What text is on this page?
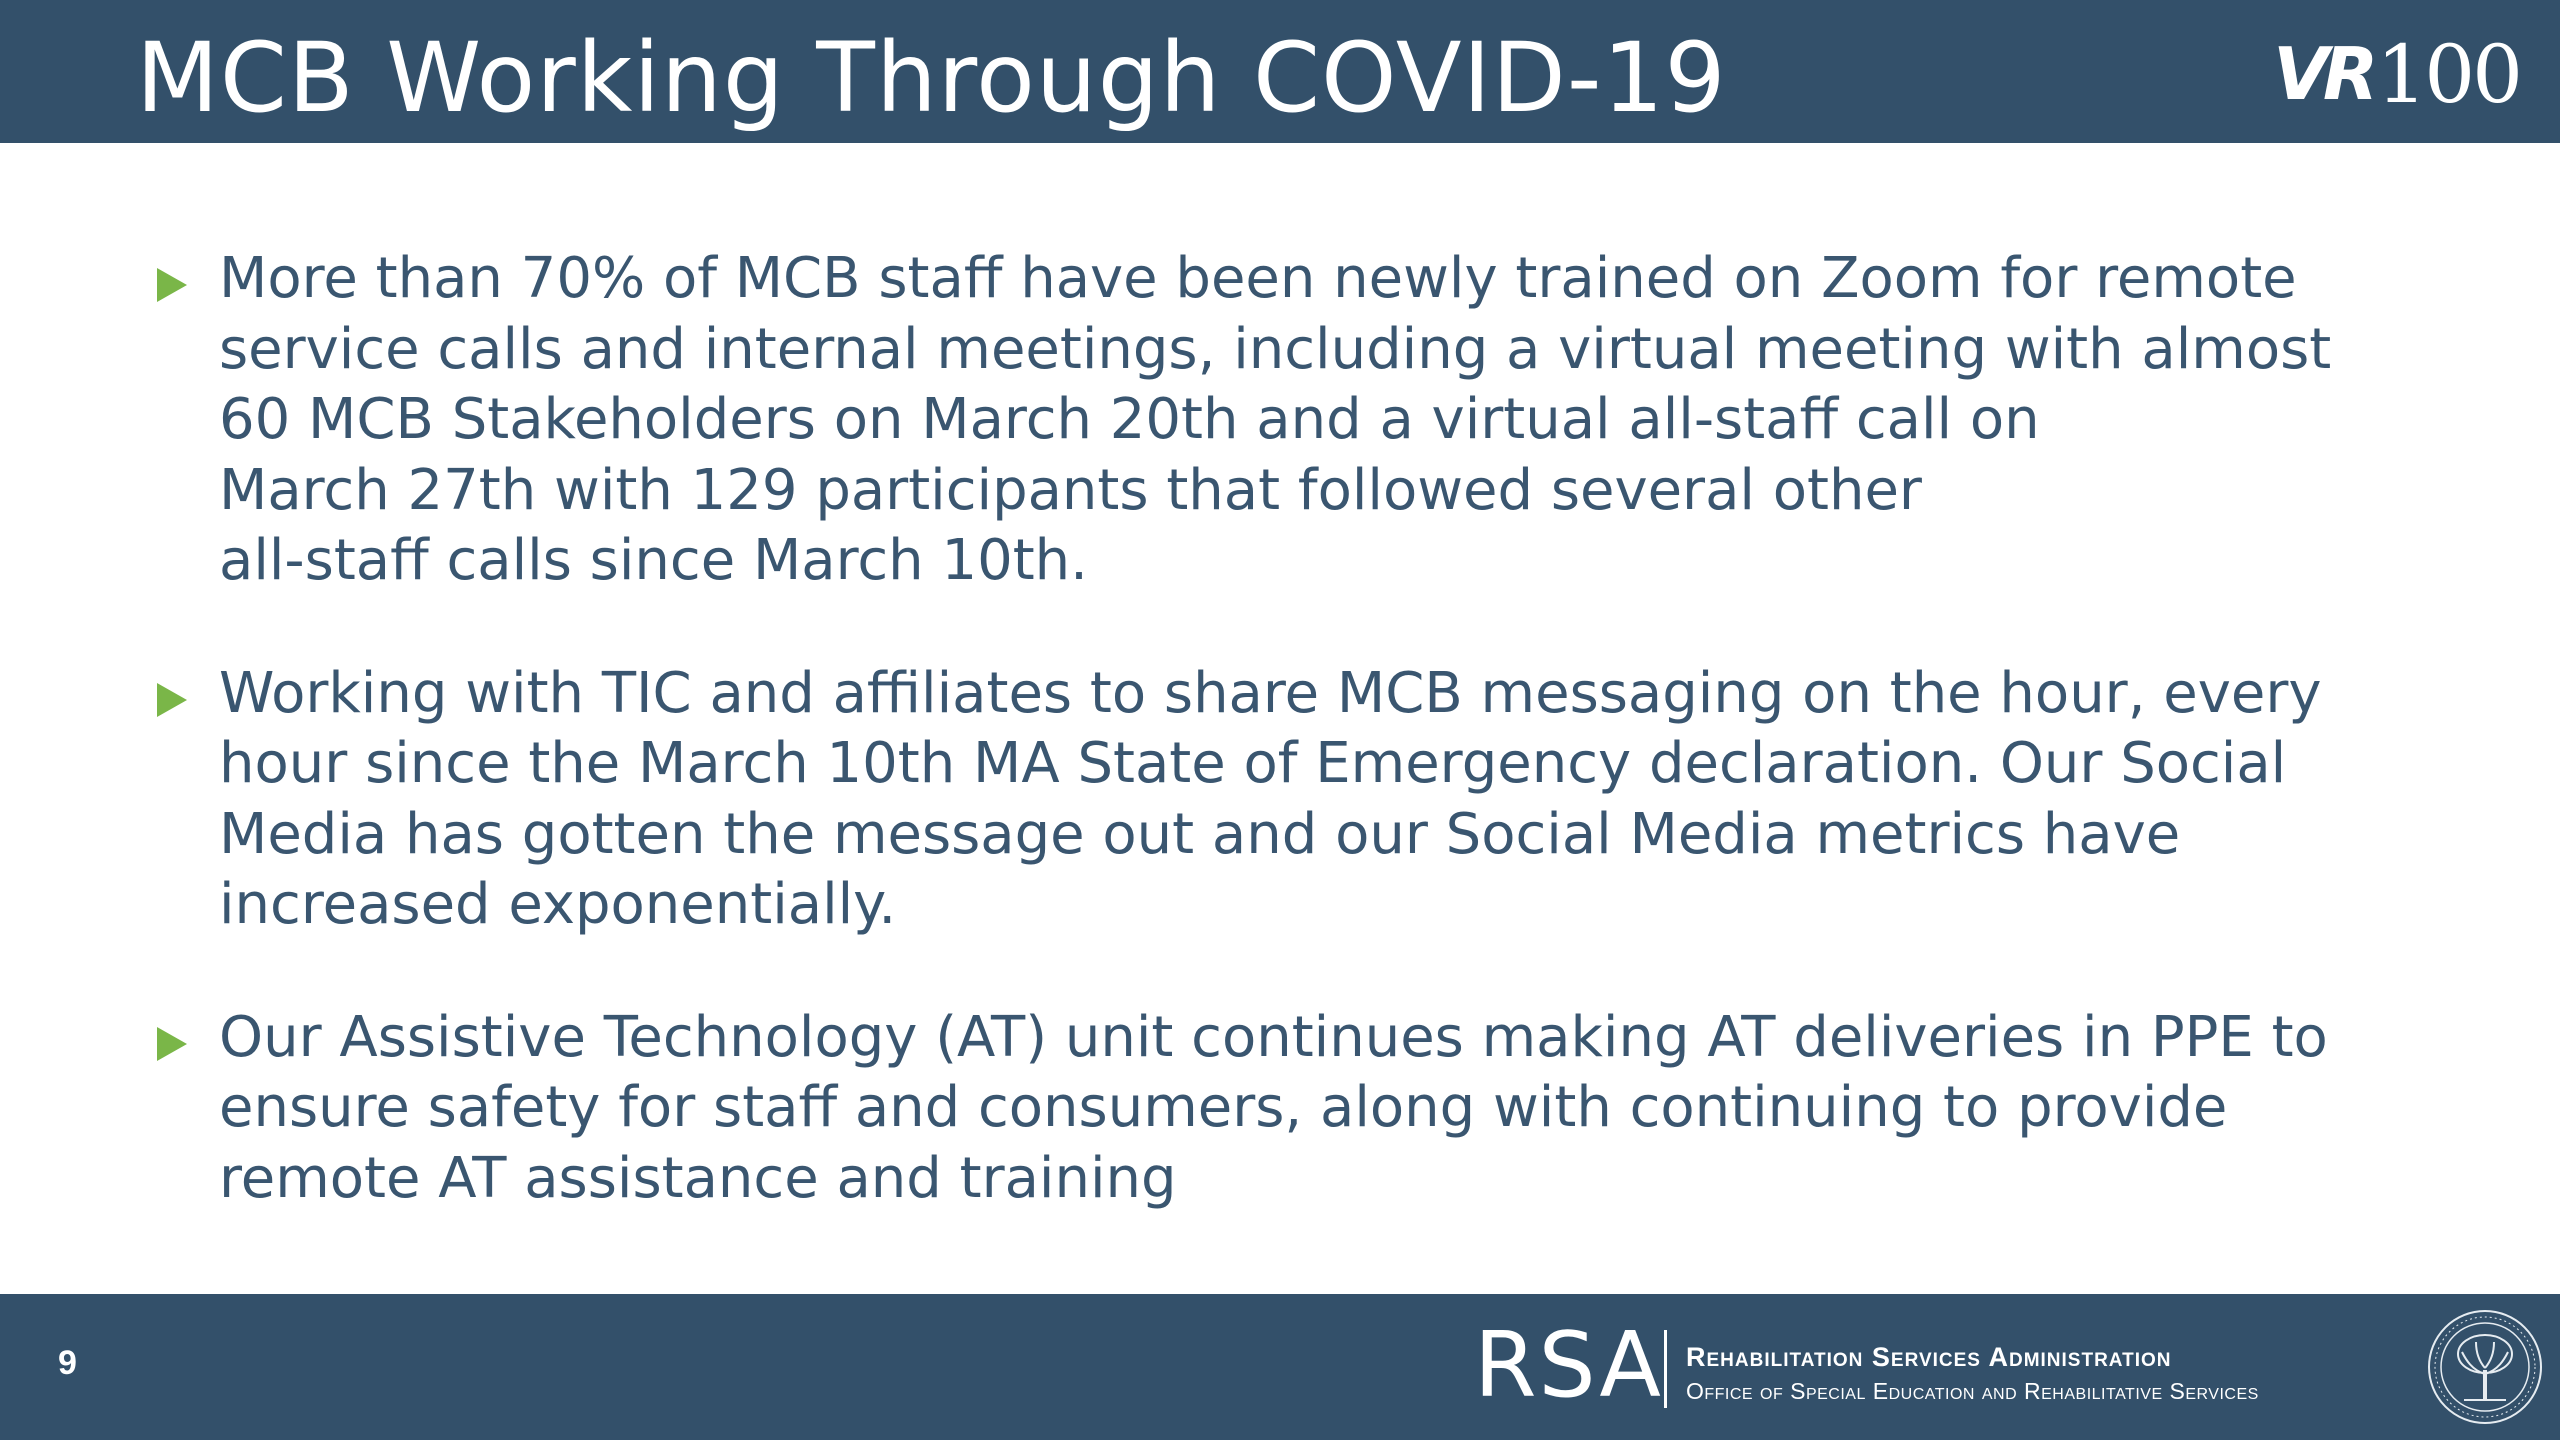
MCB Working Through COVID-19	VR 100
More than 70% of MCB staff have been newly trained on Zoom for remote
service calls and internal meetings, including a virtual meeting with almost
60 MCB Stakeholders on March 20th and a virtual all-staff call on
March 27th with 129 participants that followed several other
all-staff calls since March 10th.
Working with TIC and affiliates to share MCB messaging on the hour, every
hour since the March 10th MA State of Emergency declaration. Our Social
Media has gotten the message out and our Social Media metrics have
increased exponentially.
Our Assistive Technology (AT) unit continues making AT deliveries in PPE to
ensure safety for staff and consumers, along with continuing to provide
remote AT assistance and training
9	RSA Rehabilitation Services Administration
Office of Special Education and Rehabilitative Services
